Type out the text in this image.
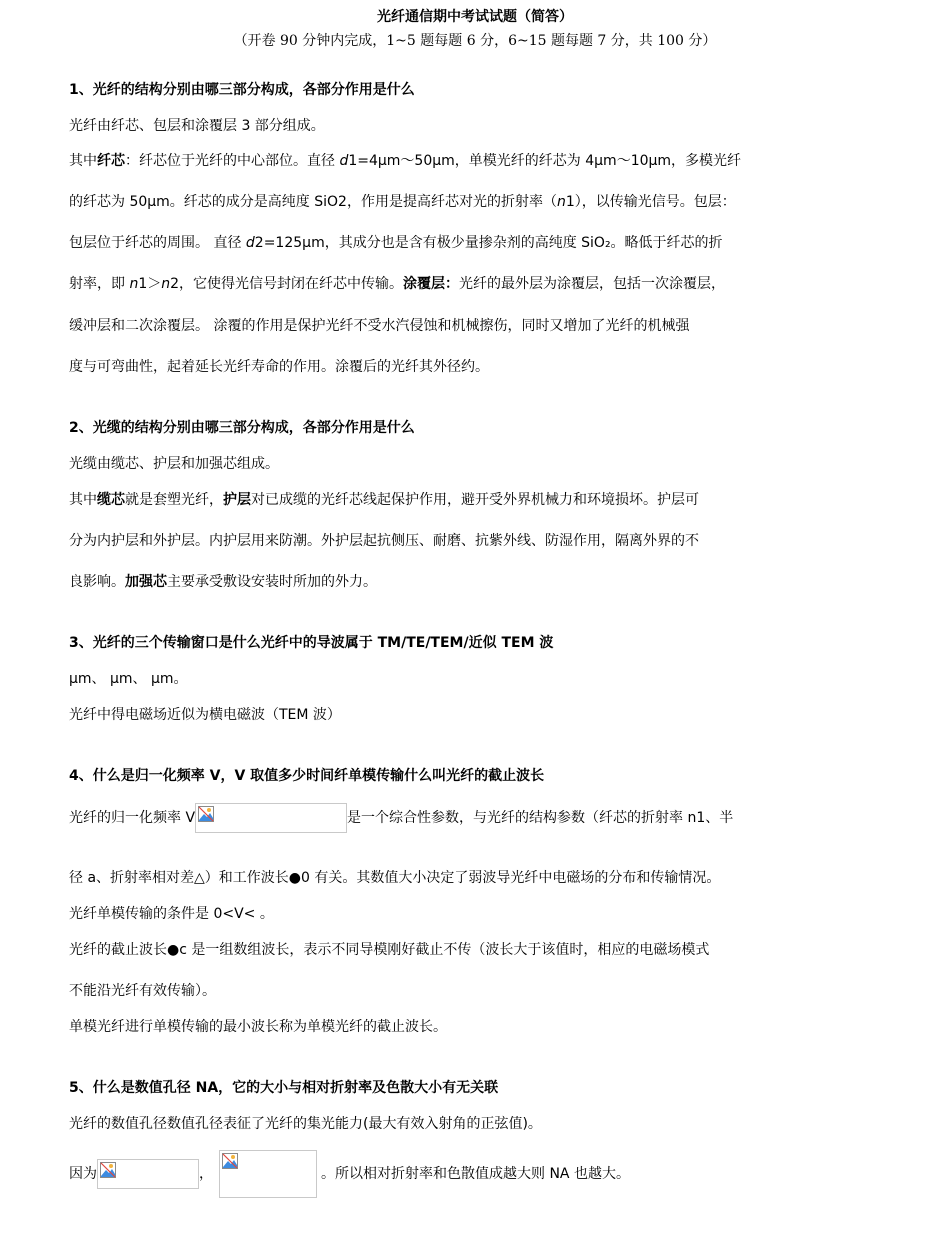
光纤通信期中考试试题（简答）
（开卷 90 分钟内完成，1~5 题每题 6 分，6~15 题每题 7 分，共 100 分）
1、光纤的结构分别由哪三部分构成，各部分作用是什么
光纤由纤芯、包层和涂覆层 3 部分组成。
其中纤芯：纤芯位于光纤的中心部位。直径 d1=4μm～50μm，单模光纤的纤芯为 4μm～10μm，多模光纤
的纤芯为 50μm。纤芯的成分是高纯度 SiO2，作用是提高纤芯对光的折射率（n1），以传输光信号。包层：
包层位于纤芯的周围。 直径 d2=125μm，其成分也是含有极少量掺杂剂的高纯度 SiO₂。略低于纤芯的折
射率，即 n1＞n2，它使得光信号封闭在纤芯中传输。涂覆层：光纤的最外层为涂覆层，包括一次涂覆层，
缓冲层和二次涂覆层。 涂覆的作用是保护光纤不受水汽侵蚀和机械擦伤，同时又增加了光纤的机械强
度与可弯曲性，起着延长光纤寿命的作用。涂覆后的光纤其外径约。
2、光缆的结构分别由哪三部分构成，各部分作用是什么
光缆由缆芯、护层和加强芯组成。
其中缆芯就是套塑光纤，护层对已成缆的光纤芯线起保护作用，避开受外界机械力和环境损坏。护层可
分为内护层和外护层。内护层用来防潮。外护层起抗侧压、耐磨、抗紫外线、防湿作用，隔离外界的不
良影响。加强芯主要承受敷设安装时所加的外力。
3、光纤的三个传输窗口是什么光纤中的导波属于 TM/TE/TEM/近似 TEM 波
μm、 μm、 μm。
光纤中得电磁场近似为横电磁波（TEM 波）
4、什么是归一化频率 V，V 取值多少时间纤单模传输什么叫光纤的截止波长
光纤的归一化频率 V	是一个综合性参数，与光纤的结构参数（纤芯的折射率 n1、半
径 a、折射率相对差△）和工作波长●0 有关。其数值大小决定了弱波导光纤中电磁场的分布和传输情况。
光纤单模传输的条件是 0<V< 。
光纤的截止波长●c 是一组数组波长，表示不同导模刚好截止不传（波长大于该值时，相应的电磁场模式
不能沿光纤有效传输）。
单模光纤进行单模传输的最小波长称为单模光纤的截止波长。
5、什么是数值孔径 NA，它的大小与相对折射率及色散大小有无关联
光纤的数值孔径数值孔径表征了光纤的集光能力(最大有效入射角的正弦值)。
因为	，	。所以相对折射率和色散值成越大则 NA 也越大。
